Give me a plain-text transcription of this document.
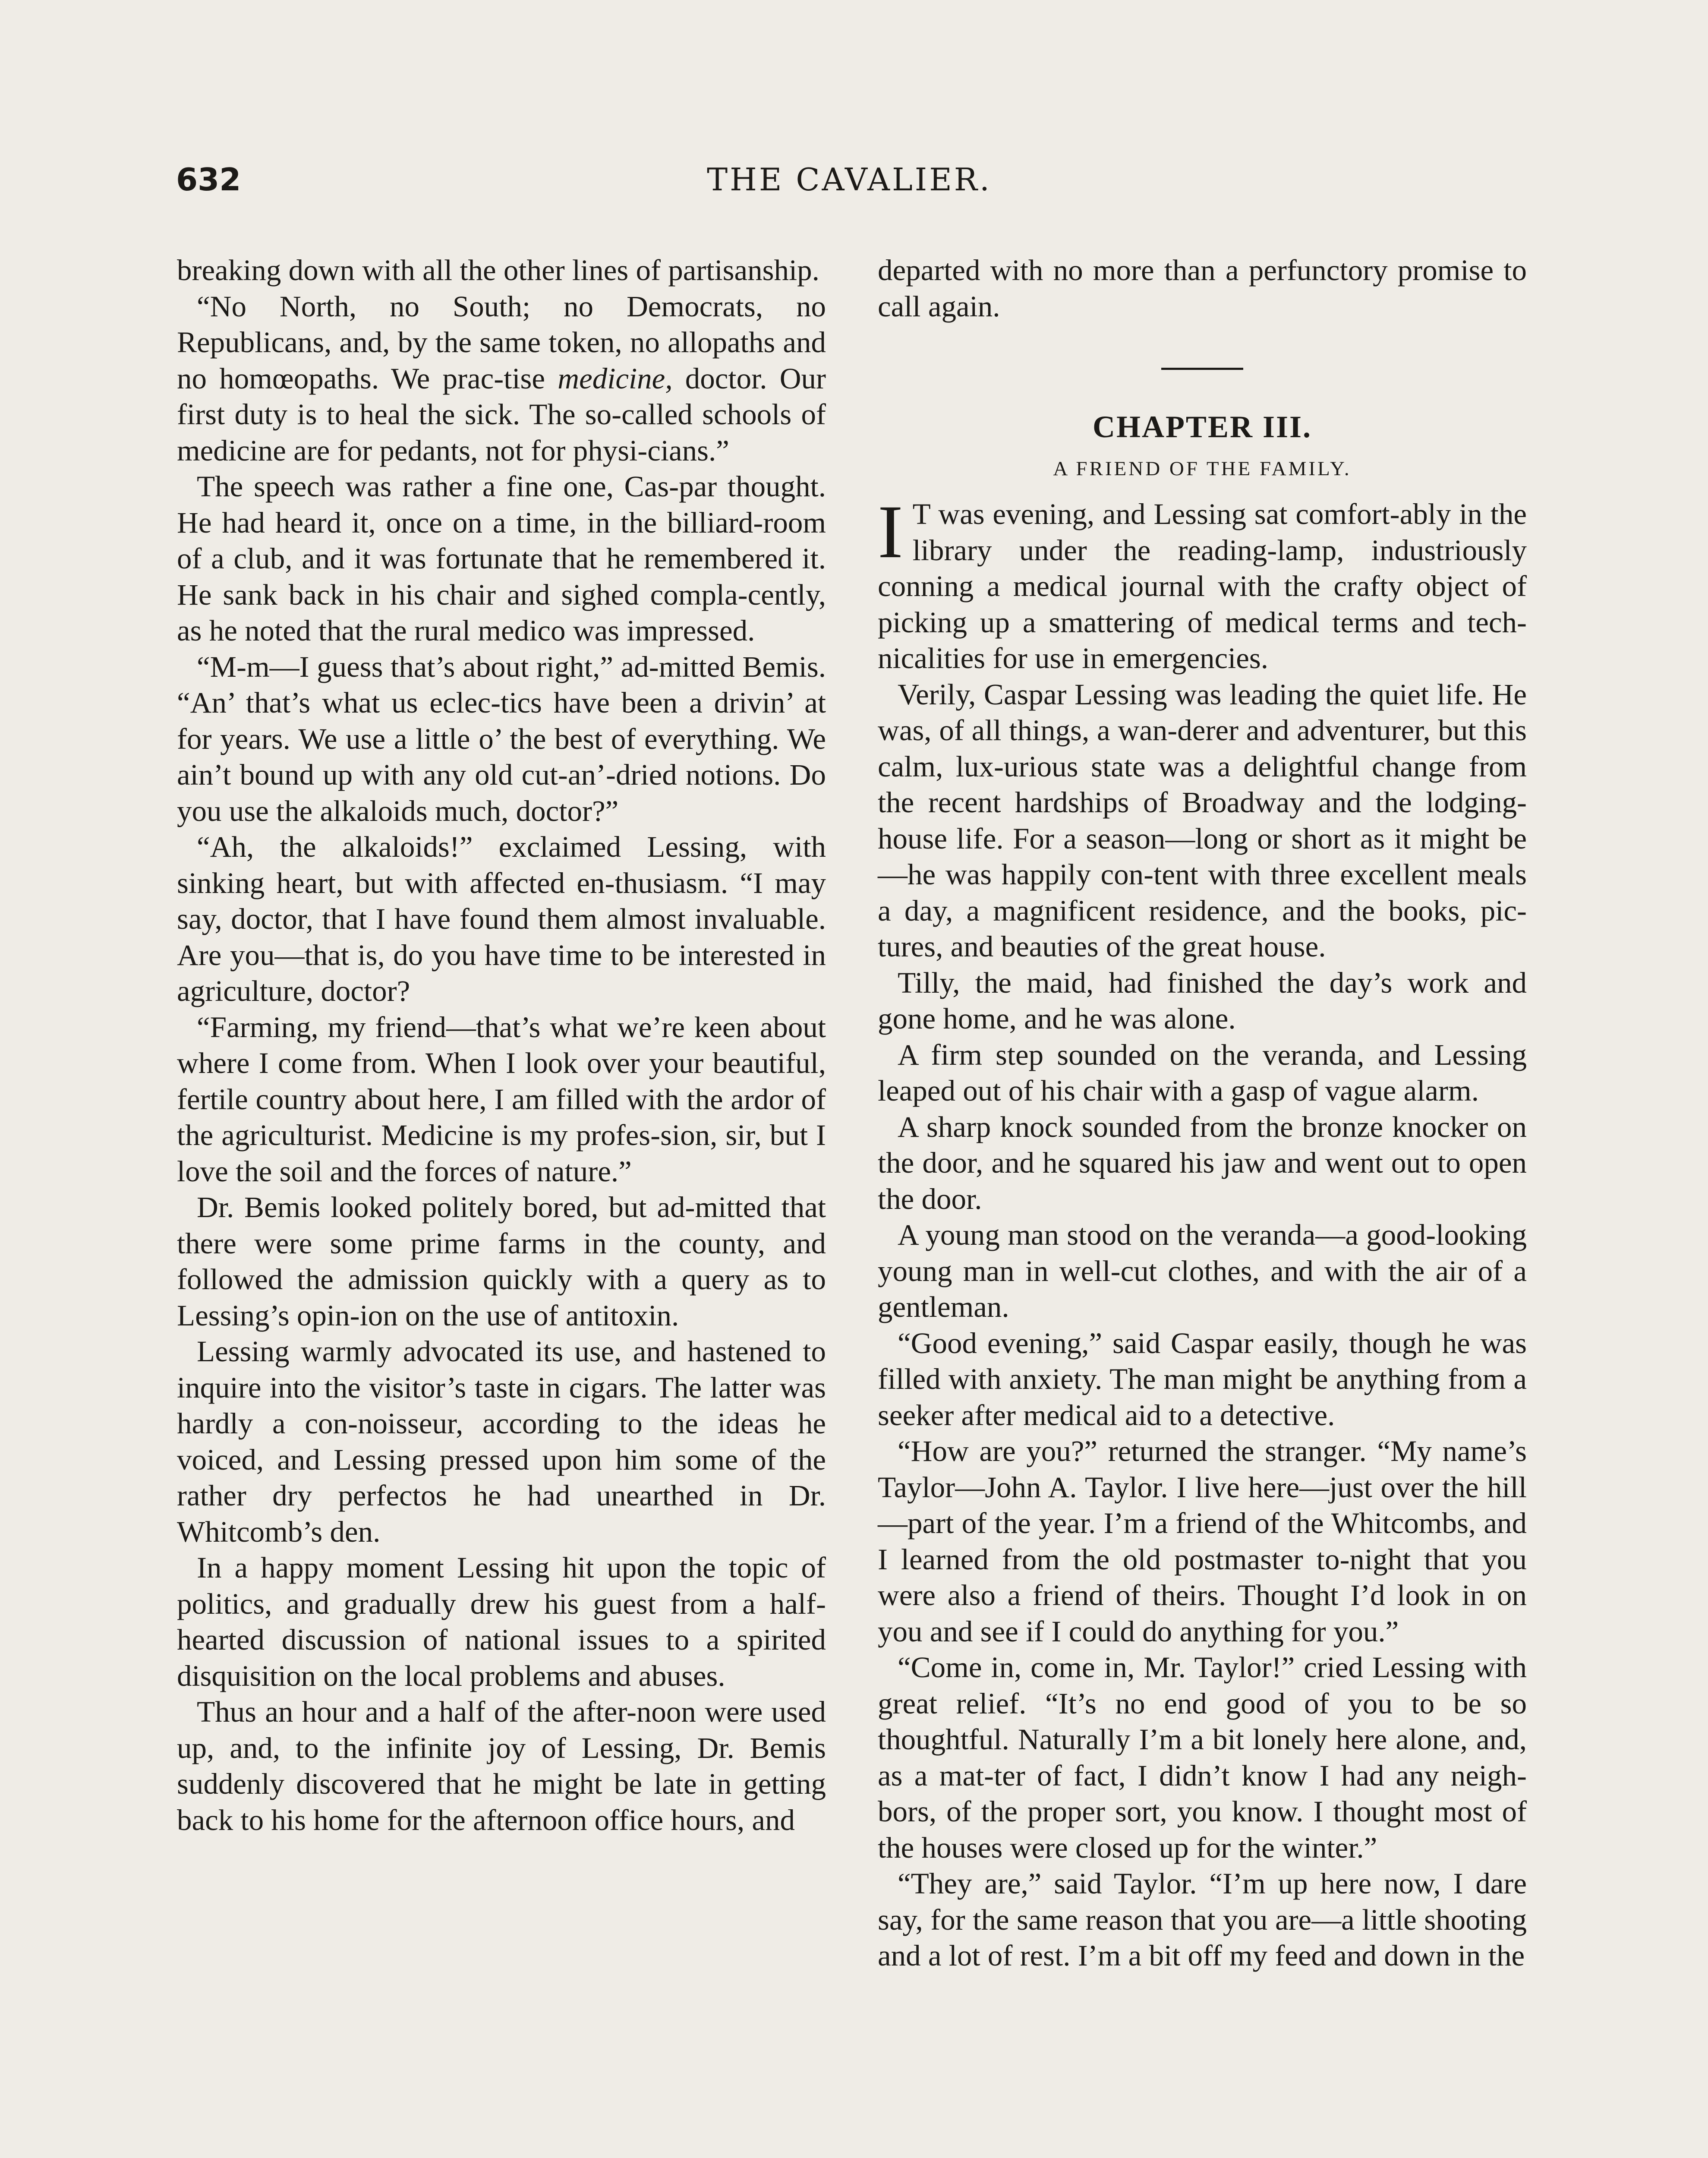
632	THE CAVALIER.

breaking down with all the other lines of partisanship.

“No North, no South; no Democrats, no Republicans, and, by the same token, no allopaths and no homœopaths. We prac-tise medicine, doctor. Our first duty is to heal the sick. The so-called schools of medicine are for pedants, not for physi-cians.”

The speech was rather a fine one, Cas-par thought. He had heard it, once on a time, in the billiard-room of a club, and it was fortunate that he remembered it. He sank back in his chair and sighed compla-cently, as he noted that the rural medico was impressed.

“M-m—I guess that’s about right,” ad-mitted Bemis. “An’ that’s what us eclec-tics have been a drivin’ at for years. We use a little o’ the best of everything. We ain’t bound up with any old cut-an’-dried notions. Do you use the alkaloids much, doctor?”

“Ah, the alkaloids!” exclaimed Lessing, with sinking heart, but with affected en-thusiasm. “I may say, doctor, that I have found them almost invaluable. Are you—that is, do you have time to be interested in agriculture, doctor?

“Farming, my friend—that’s what we’re keen about where I come from. When I look over your beautiful, fertile country about here, I am filled with the ardor of the agriculturist. Medicine is my profes-sion, sir, but I love the soil and the forces of nature.”

Dr. Bemis looked politely bored, but ad-mitted that there were some prime farms in the county, and followed the admission quickly with a query as to Lessing’s opin-ion on the use of antitoxin.

Lessing warmly advocated its use, and hastened to inquire into the visitor’s taste in cigars. The latter was hardly a con-noisseur, according to the ideas he voiced, and Lessing pressed upon him some of the rather dry perfectos he had unearthed in Dr. Whitcomb’s den.

In a happy moment Lessing hit upon the topic of politics, and gradually drew his guest from a half-hearted discussion of national issues to a spirited disquisition on the local problems and abuses.

Thus an hour and a half of the after-noon were used up, and, to the infinite joy of Lessing, Dr. Bemis suddenly discovered that he might be late in getting back to his home for the afternoon office hours, and

departed with no more than a perfunctory promise to call again.

CHAPTER III.
A FRIEND OF THE FAMILY.
I T was evening, and Lessing sat comfort-ably in the library under the reading-lamp, industriously conning a medical journal with the crafty object of picking up a smattering of medical terms and tech-nicalities for use in emergencies.

Verily, Caspar Lessing was leading the quiet life. He was, of all things, a wan-derer and adventurer, but this calm, lux-urious state was a delightful change from the recent hardships of Broadway and the lodging-house life. For a season—long or short as it might be—he was happily con-tent with three excellent meals a day, a magnificent residence, and the books, pic-tures, and beauties of the great house.

Tilly, the maid, had finished the day’s work and gone home, and he was alone.

A firm step sounded on the veranda, and Lessing leaped out of his chair with a gasp of vague alarm.

A sharp knock sounded from the bronze knocker on the door, and he squared his jaw and went out to open the door.

A young man stood on the veranda—a good-looking young man in well-cut clothes, and with the air of a gentleman.

“Good evening,” said Caspar easily, though he was filled with anxiety. The man might be anything from a seeker after medical aid to a detective.

“How are you?” returned the stranger. “My name’s Taylor—John A. Taylor. I live here—just over the hill—part of the year. I’m a friend of the Whitcombs, and I learned from the old postmaster to-night that you were also a friend of theirs. Thought I’d look in on you and see if I could do anything for you.”

“Come in, come in, Mr. Taylor!” cried Lessing with great relief. “It’s no end good of you to be so thoughtful. Naturally I’m a bit lonely here alone, and, as a mat-ter of fact, I didn’t know I had any neigh-bors, of the proper sort, you know. I thought most of the houses were closed up for the winter.”

“They are,” said Taylor. “I’m up here now, I dare say, for the same reason that you are—a little shooting and a lot of rest. I’m a bit off my feed and down in the
